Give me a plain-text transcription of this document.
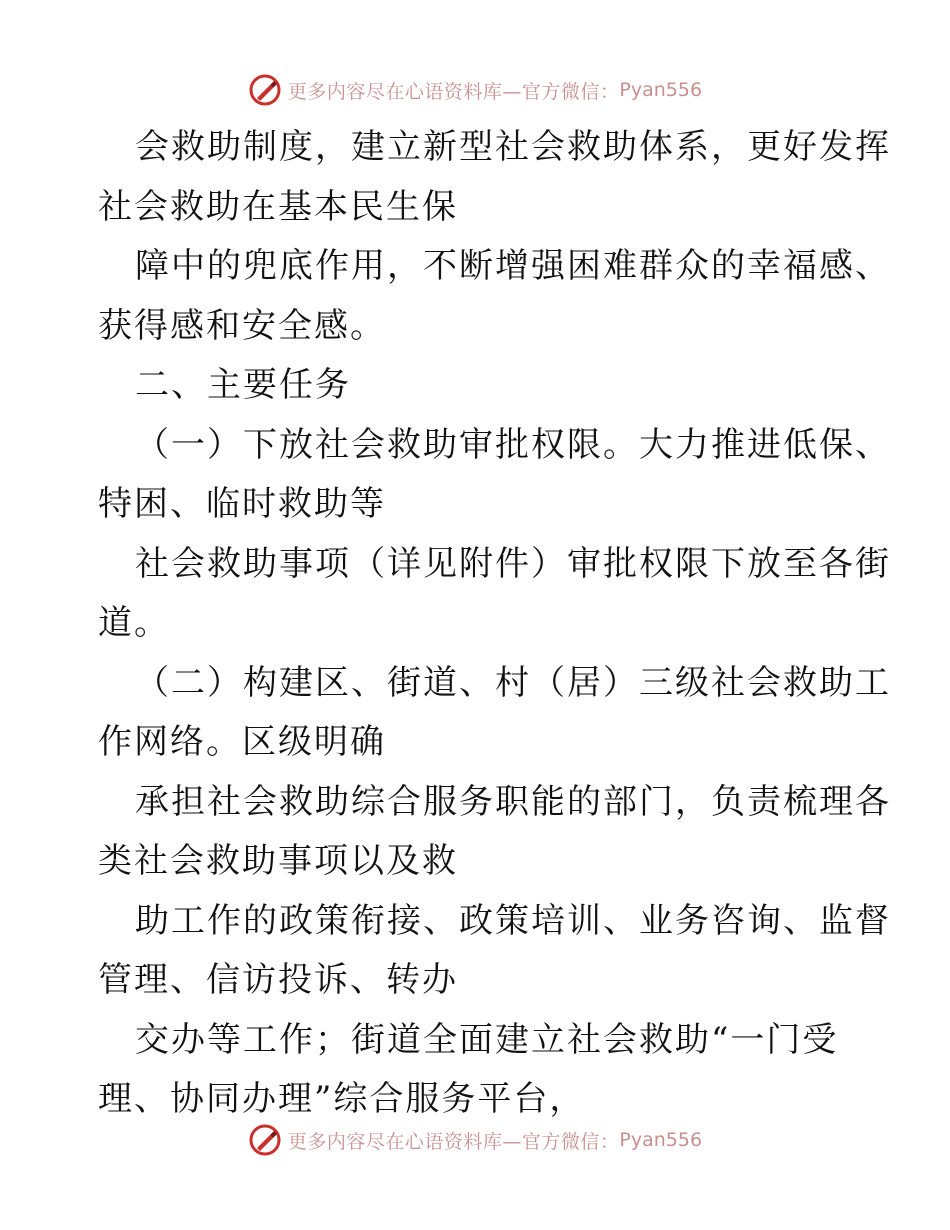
更多内容尽在心语资料库—官方微信： Pyan556
会救助制度，建立新型社会救助体系，更好发挥
社会救助在基本民生保
障中的兜底作用，不断增强困难群众的幸福感、
获得感和安全感。
二、主要任务
（一）下放社会救助审批权限。大力推进低保、
特困、临时救助等
社会救助事项（详见附件）审批权限下放至各街
道。
（二）构建区、街道、村（居）三级社会救助工
作网络。区级明确
承担社会救助综合服务职能的部门，负责梳理各
类社会救助事项以及救
助工作的政策衔接、政策培训、业务咨询、监督
管理、信访投诉、转办
交办等工作；街道全面建立社会救助“一门受
理、协同办理”综合服务平台，
更多内容尽在心语资料库—官方微信： Pyan556
